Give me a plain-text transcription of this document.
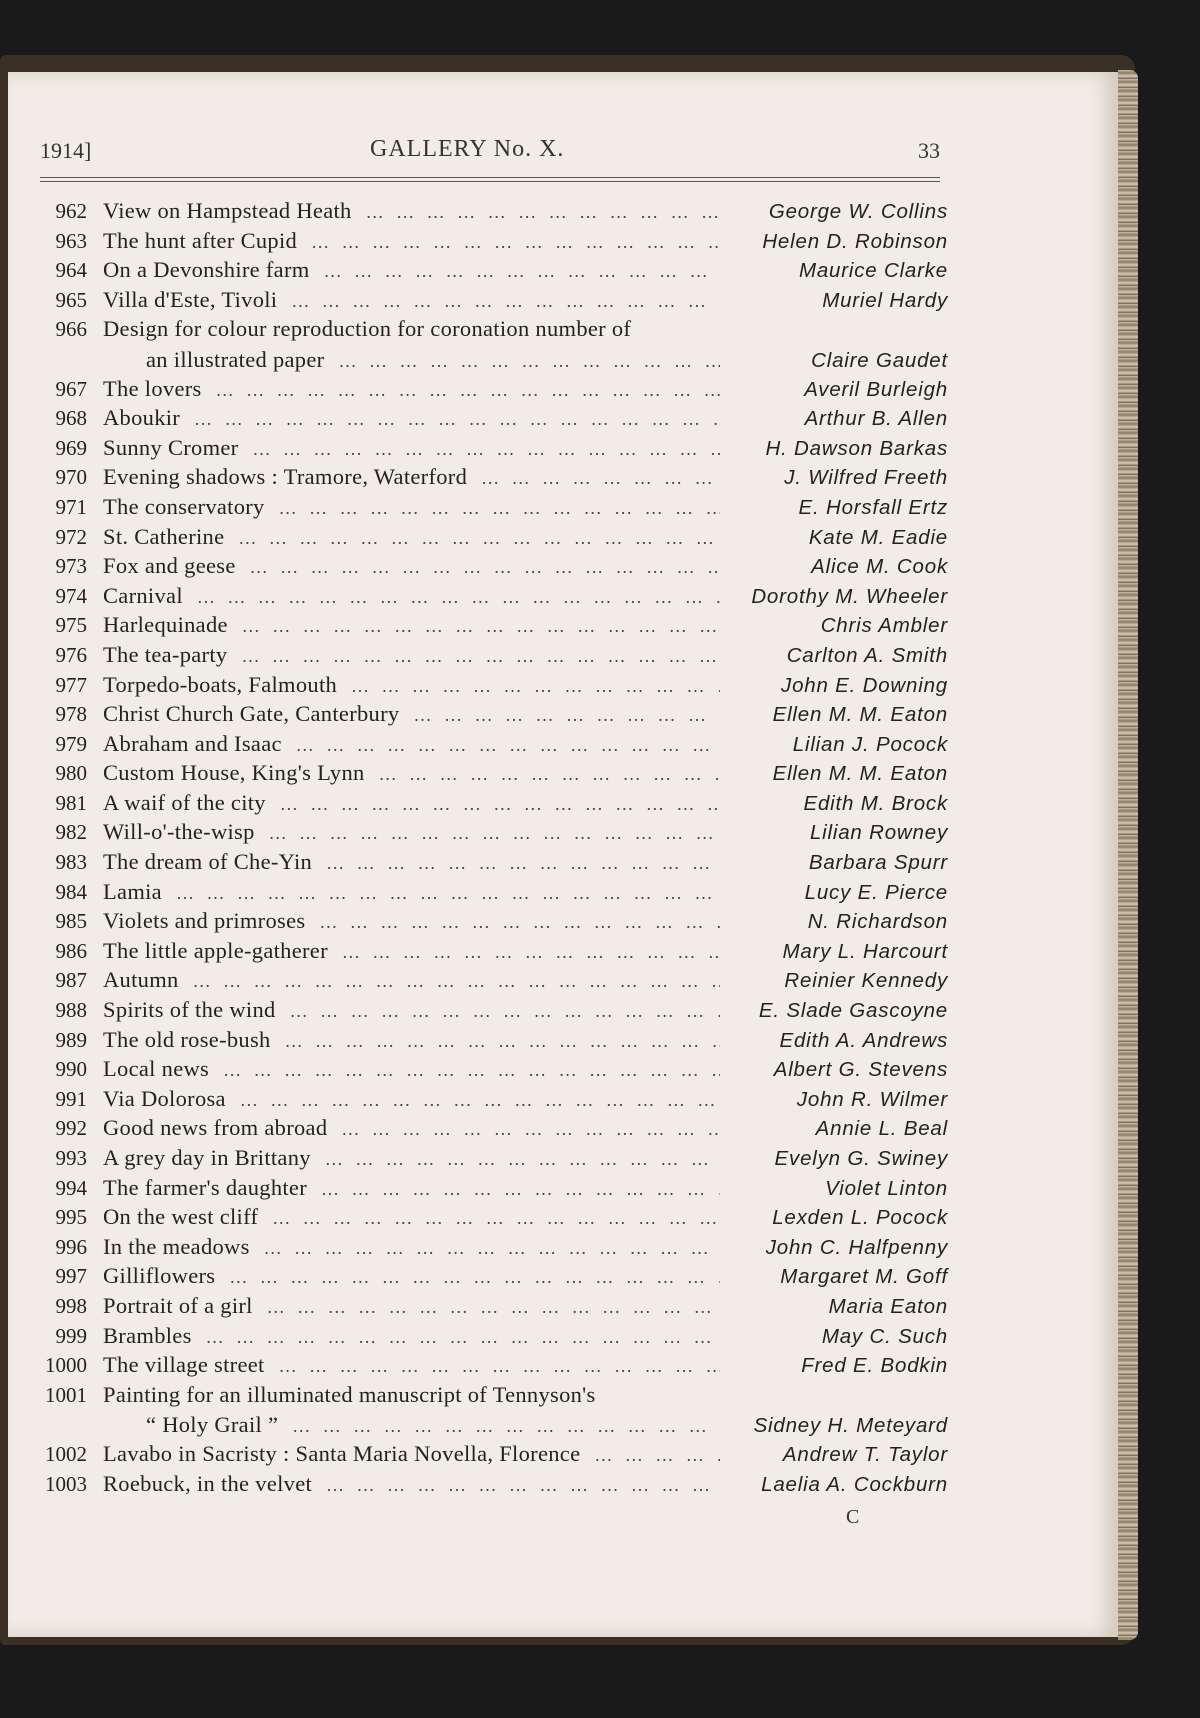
1914]	GALLERY No. X.	33
962 View on Hampstead Heath … … … … … … … … … … … … … … … … … … … … … …	George W. Collins
963 The hunt after Cupid … … … … … … … … … … … … … … … … … … … … … …	Helen D. Robinson
964 On a Devonshire farm … … … … … … … … … … … … … … … … … … … … … …	Maurice Clarke
965 Villa d'Este, Tivoli … … … … … … … … … … … … … … … … … … … … … …	Muriel Hardy
966 Design for colour reproduction for coronation number of
an illustrated paper … … … … … … … … … … … … … … … … … … … … … …	Claire Gaudet
967 The lovers … … … … … … … … … … … … … … … … … … … … … …	Averil Burleigh
968 Aboukir … … … … … … … … … … … … … … … … … … … … … …	Arthur B. Allen
969 Sunny Cromer … … … … … … … … … … … … … … … … … … … … … …	H. Dawson Barkas
970 Evening shadows : Tramore, Waterford … … … … … … … … … … … … … … … … … … … … … …	J. Wilfred Freeth
971 The conservatory … … … … … … … … … … … … … … … … … … … … … …	E. Horsfall Ertz
972 St. Catherine … … … … … … … … … … … … … … … … … … … … … …	Kate M. Eadie
973 Fox and geese … … … … … … … … … … … … … … … … … … … … … …	Alice M. Cook
974 Carnival … … … … … … … … … … … … … … … … … … … … … …	Dorothy M. Wheeler
975 Harlequinade … … … … … … … … … … … … … … … … … … … … … …	Chris Ambler
976 The tea-party … … … … … … … … … … … … … … … … … … … … … …	Carlton A. Smith
977 Torpedo-boats, Falmouth … … … … … … … … … … … … … … … … … … … … … …	John E. Downing
978 Christ Church Gate, Canterbury … … … … … … … … … … … … … … … … … … … … … …	Ellen M. M. Eaton
979 Abraham and Isaac … … … … … … … … … … … … … … … … … … … … … …	Lilian J. Pocock
980 Custom House, King's Lynn … … … … … … … … … … … … … … … … … … … … … …	Ellen M. M. Eaton
981 A waif of the city … … … … … … … … … … … … … … … … … … … … … …	Edith M. Brock
982 Will-o'-the-wisp … … … … … … … … … … … … … … … … … … … … … …	Lilian Rowney
983 The dream of Che-Yin … … … … … … … … … … … … … … … … … … … … … …	Barbara Spurr
984 Lamia … … … … … … … … … … … … … … … … … … … … … …	Lucy E. Pierce
985 Violets and primroses … … … … … … … … … … … … … … … … … … … … … …	N. Richardson
986 The little apple-gatherer … … … … … … … … … … … … … … … … … … … … … …	Mary L. Harcourt
987 Autumn … … … … … … … … … … … … … … … … … … … … … …	Reinier Kennedy
988 Spirits of the wind … … … … … … … … … … … … … … … … … … … … … …	E. Slade Gascoyne
989 The old rose-bush … … … … … … … … … … … … … … … … … … … … … …	Edith A. Andrews
990 Local news … … … … … … … … … … … … … … … … … … … … … …	Albert G. Stevens
991 Via Dolorosa … … … … … … … … … … … … … … … … … … … … … …	John R. Wilmer
992 Good news from abroad … … … … … … … … … … … … … … … … … … … … … …	Annie L. Beal
993 A grey day in Brittany … … … … … … … … … … … … … … … … … … … … … …	Evelyn G. Swiney
994 The farmer's daughter … … … … … … … … … … … … … … … … … … … … … …	Violet Linton
995 On the west cliff … … … … … … … … … … … … … … … … … … … … … …	Lexden L. Pocock
996 In the meadows … … … … … … … … … … … … … … … … … … … … … …	John C. Halfpenny
997 Gilliflowers … … … … … … … … … … … … … … … … … … … … … …	Margaret M. Goff
998 Portrait of a girl … … … … … … … … … … … … … … … … … … … … … …	Maria Eaton
999 Brambles … … … … … … … … … … … … … … … … … … … … … …	May C. Such
1000 The village street … … … … … … … … … … … … … … … … … … … … … …	Fred E. Bodkin
1001 Painting for an illuminated manuscript of Tennyson's
“ Holy Grail ” … … … … … … … … … … … … … … … … … … … … … …	Sidney H. Meteyard
1002 Lavabo in Sacristy : Santa Maria Novella, Florence … … … … … … … … … … … … … … … … … … … … … …	Andrew T. Taylor
1003 Roebuck, in the velvet … … … … … … … … … … … … … … … … … … … … … …	Laelia A. Cockburn
C
